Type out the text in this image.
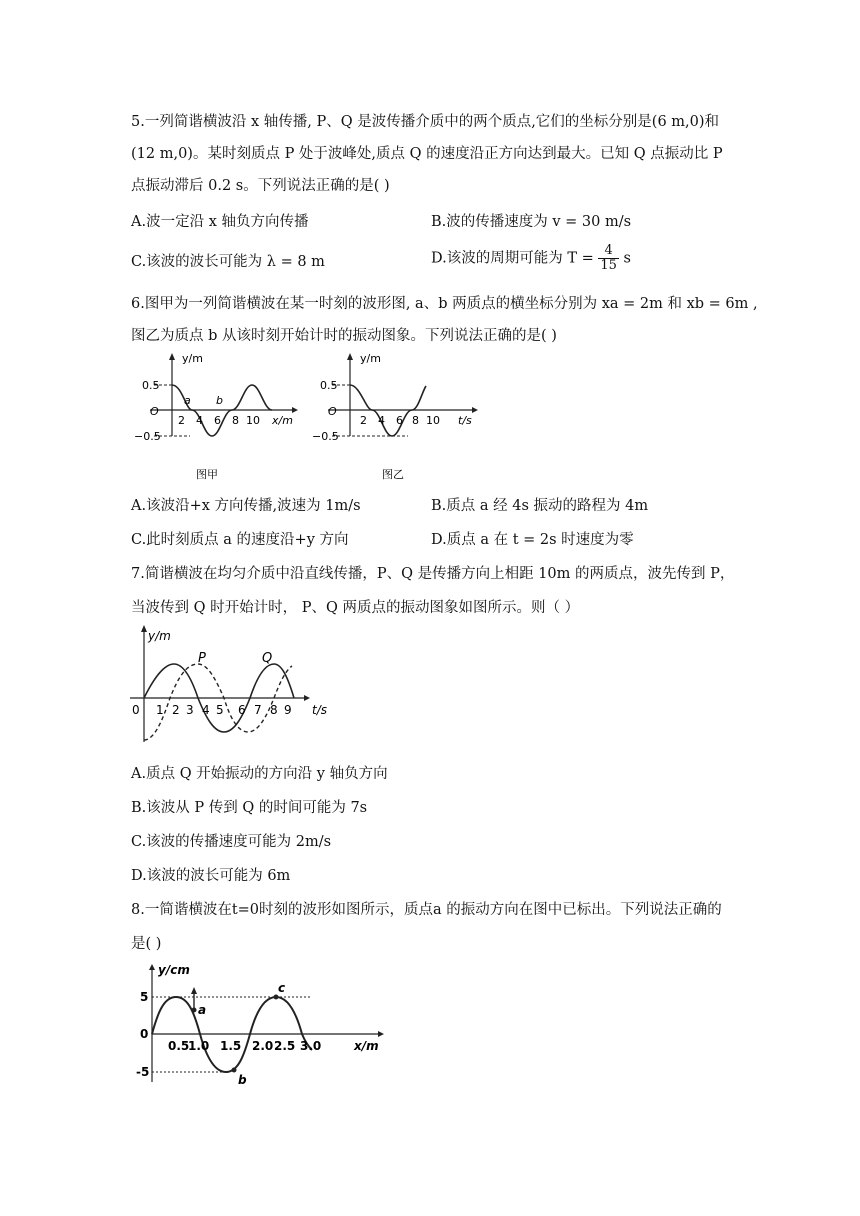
5.一列简谐横波沿 x 轴传播, P、Q 是波传播介质中的两个质点,它们的坐标分别是(6 m,0)和
(12 m,0)。某时刻质点 P 处于波峰处,质点 Q 的速度沿正方向达到最大。已知 Q 点振动比 P
点振动滞后 0.2 s。下列说法正确的是( )
A.波一定沿 x 轴负方向传播	B.波的传播速度为 v = 30 m/s
C.该波的波长可能为 λ = 8 m	D.该波的周期可能为 $T = \frac{4}{15}$ s
6.图甲为一列简谐横波在某一时刻的波形图, a、b 两质点的横坐标分别为 xa = 2m 和 xb = 6m ,
图乙为质点 b 从该时刻开始计时的振动图象。下列说法正确的是( )
y/m
0.5
O
−0.5
2 4 6 8 10 x/m
a b
图甲
y/m
0.5
O
−0.5
2 4 6 8 10 t/s
图乙
A.该波沿+x 方向传播,波速为 1m/s	B.质点 a 经 4s 振动的路程为 4m
C.此时刻质点 a 的速度沿+y 方向	D.质点 a 在 t = 2s 时速度为零
7.简谐横波在均匀介质中沿直线传播，P、Q 是传播方向上相距 10m 的两质点，波先传到 P，
当波传到 Q 时开始计时， P、Q 两质点的振动图象如图所示。则（ ）
y/m
P	Q
0 1 2 3 4 5 6 7 8 9 t/s
A.质点 Q 开始振动的方向沿 y 轴负方向
B.该波从 P 传到 Q 的时间可能为 7s
C.该波的传播速度可能为 2m/s
D.该波的波长可能为 6m
8.一简谐横波在t=0时刻的波形如图所示，质点a 的振动方向在图中已标出。下列说法正确的
是( )
y/cm
5
0
-5
0.5
1.0 1.5 2.0 2.5 3.0	x/m
a
b
c
